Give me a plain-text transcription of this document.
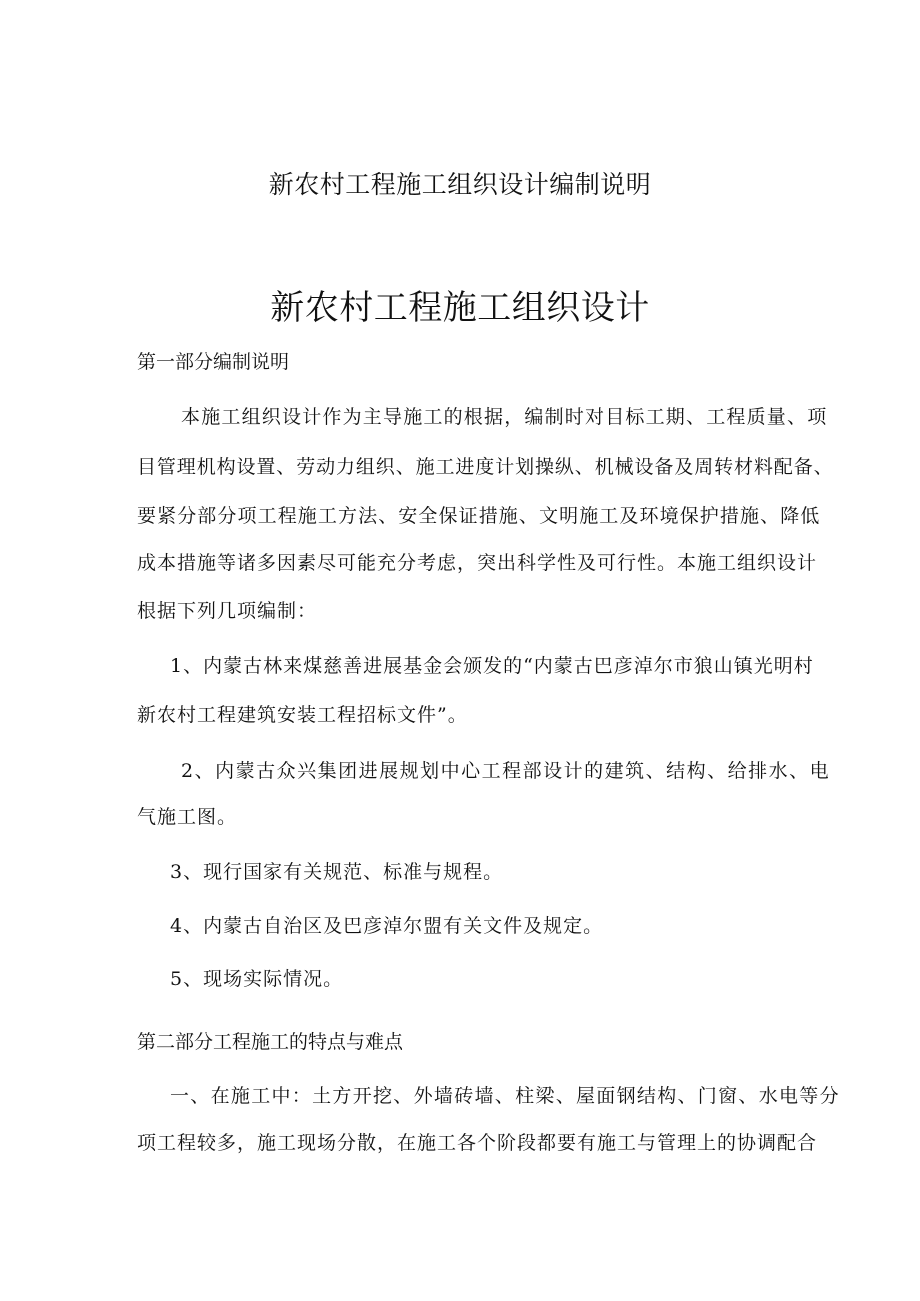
新农村工程施工组织设计编制说明
新农村工程施工组织设计
第一部分编制说明
本施工组织设计作为主导施工的根据，编制时对目标工期、工程质量、项
目管理机构设置、劳动力组织、施工进度计划操纵、机械设备及周转材料配备、
要紧分部分项工程施工方法、安全保证措施、文明施工及环境保护措施、降低
成本措施等诸多因素尽可能充分考虑，突出科学性及可行性。本施工组织设计
根据下列几项编制：
1、内蒙古林来煤慈善进展基金会颁发的“内蒙古巴彦淖尔市狼山镇光明村
新农村工程建筑安装工程招标文件”。
2、内蒙古众兴集团进展规划中心工程部设计的建筑、结构、给排水、电
气施工图。
3、现行国家有关规范、标准与规程。
4、内蒙古自治区及巴彦淖尔盟有关文件及规定。
5、现场实际情况。
第二部分工程施工的特点与难点
一、在施工中：土方开挖、外墙砖墙、柱梁、屋面钢结构、门窗、水电等分
项工程较多，施工现场分散，在施工各个阶段都要有施工与管理上的协调配合
